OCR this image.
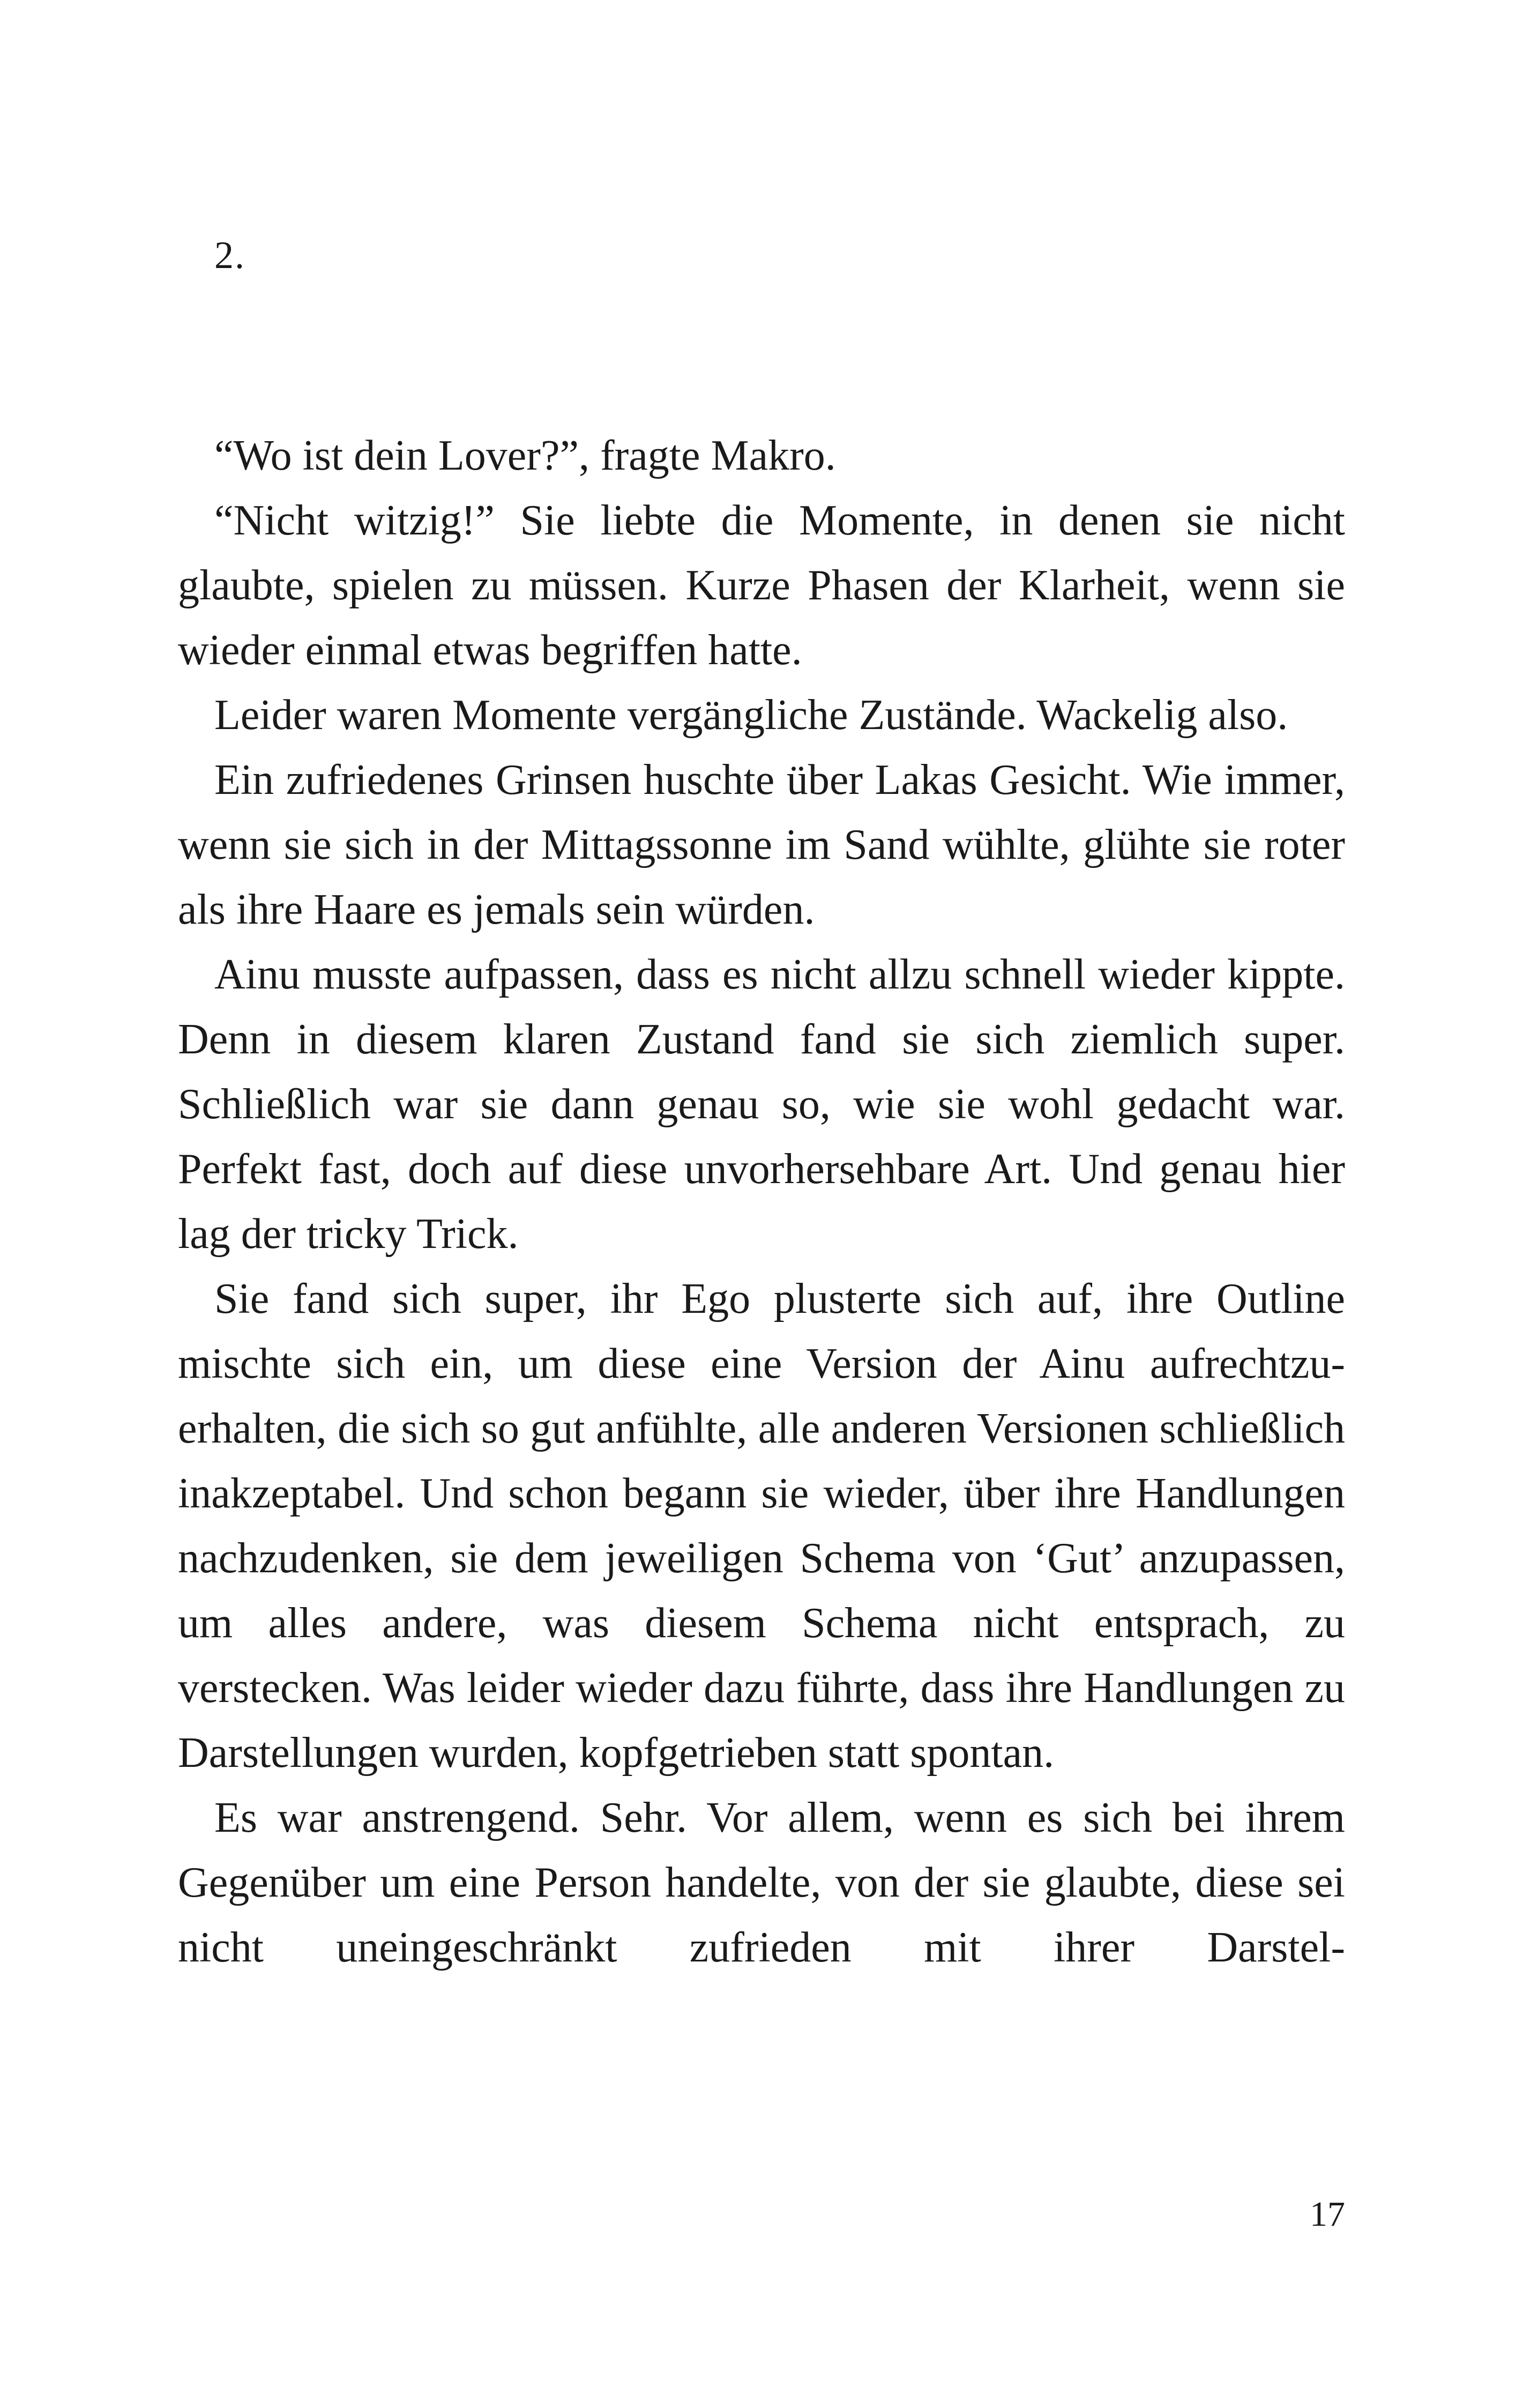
2.

“Wo ist dein Lover?”, fragte Makro.

“Nicht witzig!” Sie liebte die Momente, in denen sie nicht glaubte, spielen zu müssen. Kurze Phasen der Klarheit, wenn sie wieder einmal etwas begriffen hatte.

Leider waren Momente vergängliche Zustände. Wackelig also.

Ein zufriedenes Grinsen huschte über Lakas Gesicht. Wie immer, wenn sie sich in der Mittagssonne im Sand wühlte, glühte sie roter als ihre Haare es jemals sein würden.

Ainu musste aufpassen, dass es nicht allzu schnell wieder kippte. Denn in diesem klaren Zustand fand sie sich ziemlich super. Schließlich war sie dann genau so, wie sie wohl gedacht war. Perfekt fast, doch auf diese unvorhersehbare Art. Und genau hier lag der tricky Trick.

Sie fand sich super, ihr Ego plusterte sich auf, ihre Outline mischte sich ein, um diese eine Version der Ainu aufrechtzuerhalten, die sich so gut anfühlte, alle anderen Versionen schließlich inakzeptabel. Und schon begann sie wieder, über ihre Handlungen nachzudenken, sie dem jeweiligen Schema von ‘Gut’ anzupassen, um alles andere, was diesem Schema nicht entsprach, zu verstecken. Was leider wieder dazu führte, dass ihre Handlungen zu Darstellungen wurden, kopfgetrieben statt spontan.

Es war anstrengend. Sehr. Vor allem, wenn es sich bei ihrem Gegenüber um eine Person handelte, von der sie glaubte, diese sei nicht uneingeschränkt zufrieden mit ihrer Darstel-

17
